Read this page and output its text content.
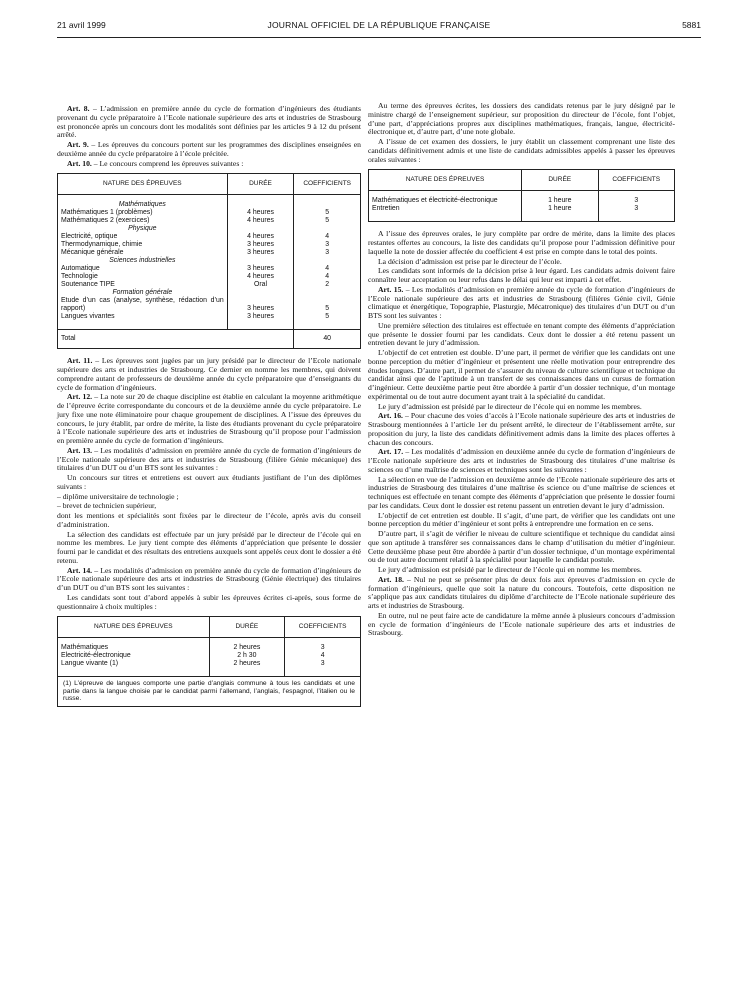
21 avril 1999	JOURNAL OFFICIEL DE LA RÉPUBLIQUE FRANÇAISE	5881

Art. 8. – L’admission en première année du cycle de formation d’ingénieurs des étudiants provenant du cycle préparatoire à l’Ecole nationale supérieure des arts et industries de Strasbourg est prononcée après un concours dont les modalités sont définies par les articles 9 à 12 du présent arrêté.

Art. 9. – Les épreuves du concours portent sur les programmes des disciplines enseignées en deuxième année du cycle préparatoire à l’école précitée.

Art. 10. – Le concours comprend les épreuves suivantes :

NATURE DES ÉPREUVES	DURÉE	COEFFICIENTS
Mathématiques		
Mathématiques 1 (problèmes)	4 heures	5
Mathématiques 2 (exercices)	4 heures	5
Physique		
Electricité, optique	4 heures	4
Thermodynamique, chimie	3 heures	3
Mécanique générale	3 heures	3
Sciences industrielles		
Automatique	3 heures	4
Technologie	4 heures	4
Soutenance TIPE	Oral	2
Formation générale		
Etude d’un cas (analyse, synthèse, rédaction d’un rapport)	3 heures	5
Langues vivantes	3 heures	5
Total		40

Art. 11. – Les épreuves sont jugées par un jury présidé par le directeur de l’Ecole nationale supérieure des arts et industries de Strasbourg. Ce dernier en nomme les membres, qui doivent comprendre autant de professeurs de deuxième année du cycle préparatoire que d’enseignants du cycle de formation d’ingénieurs.

Art. 12. – La note sur 20 de chaque discipline est établie en calculant la moyenne arithmétique de l’épreuve écrite correspondante du concours et de la deuxième année du cycle préparatoire. Le jury fixe une note éliminatoire pour chaque groupement de disciplines. A l’issue des épreuves du concours, le jury établit, par ordre de mérite, la liste des étudiants provenant du cycle préparatoire à l’Ecole nationale supérieure des arts et industries de Strasbourg qu’il propose pour l’admission en première année du cycle de formation d’ingénieurs.

Art. 13. – Les modalités d’admission en première année du cycle de formation d’ingénieurs de l’Ecole nationale supérieure des arts et industries de Strasbourg (filière Génie mécanique) des titulaires d’un DUT ou d’un BTS sont les suivantes :

Un concours sur titres et entretiens est ouvert aux étudiants justifiant de l’un des diplômes suivants :

– diplôme universitaire de technologie ;

– brevet de technicien supérieur,

dont les mentions et spécialités sont fixées par le directeur de l’école, après avis du conseil d’administration.

La sélection des candidats est effectuée par un jury présidé par le directeur de l’école qui en nomme les membres. Le jury tient compte des éléments d’appréciation que présente le dossier fourni par le candidat et des résultats des entretiens auxquels sont appelés ceux dont le dossier a été retenu.

Art. 14. – Les modalités d’admission en première année du cycle de formation d’ingénieurs de l’Ecole nationale supérieure des arts et industries de Strasbourg (Génie électrique) des titulaires d’un DUT ou d’un BTS sont les suivantes :

Les candidats sont tout d’abord appelés à subir les épreuves écrites ci-après, sous forme de questionnaire à choix multiples :

NATURE DES ÉPREUVES	DURÉE	COEFFICIENTS
Mathématiques	2 heures	3
Electricité-électronique	2 h 30	4
Langue vivante (1)	2 heures	3
(1) L’épreuve de langues comporte une partie d’anglais commune à tous les candidats et une partie dans la langue choisie par le candidat parmi l’allemand, l’anglais, l’espagnol, l’italien ou le russe.

Au terme des épreuves écrites, les dossiers des candidats retenus par le jury désigné par le ministre chargé de l’enseignement supérieur, sur proposition du directeur de l’école, font l’objet, d’une part, d’appréciations propres aux disciplines mathématiques, français, langue, électricité-électronique et, d’autre part, d’une note globale.

A l’issue de cet examen des dossiers, le jury établit un classement comprenant une liste des candidats définitivement admis et une liste de candidats admissibles appelés à passer les épreuves orales suivantes :

NATURE DES ÉPREUVES	DURÉE	COEFFICIENTS
Mathématiques et électricité-électronique	1 heure	3
Entretien	1 heure	3

A l’issue des épreuves orales, le jury complète par ordre de mérite, dans la limite des places restantes offertes au concours, la liste des candidats qu’il propose pour l’admission définitive pour laquelle la note de dossier affectée du coefficient 4 est prise en compte dans le total des points.

La décision d’admission est prise par le directeur de l’école.

Les candidats sont informés de la décision prise à leur égard. Les candidats admis doivent faire connaître leur acceptation ou leur refus dans le délai qui leur est imparti à cet effet.

Art. 15. – Les modalités d’admission en première année du cycle de formation d’ingénieurs de l’Ecole nationale supérieure des arts et industries de Strasbourg (filières Génie civil, Génie climatique et énergétique, Topographie, Plasturgie, Mécatronique) des titulaires d’un DUT ou d’un BTS sont les suivantes :

Une première sélection des titulaires est effectuée en tenant compte des éléments d’appréciation que présente le dossier fourni par les candidats. Ceux dont le dossier a été retenu passent un entretien devant le jury d’admission.

L’objectif de cet entretien est double. D’une part, il permet de vérifier que les candidats ont une bonne perception du métier d’ingénieur et présentent une réelle motivation pour entreprendre des études longues. D’autre part, il permet de s’assurer du niveau de culture scientifique et technique du candidat ainsi que de l’aptitude à un transfert de ses connaissances dans un cursus de formation d’ingénieur. Cette deuxième partie peut être abordée à partir d’un dossier technique, d’un montage expérimental ou de tout autre document ayant trait à la spécialité du candidat.

Le jury d’admission est présidé par le directeur de l’école qui en nomme les membres.

Art. 16. – Pour chacune des voies d’accès à l’Ecole nationale supérieure des arts et industries de Strasbourg mentionnées à l’article 1er du présent arrêté, le directeur de l’établissement arrête, sur proposition du jury, la liste des candidats définitivement admis dans la limite des places offertes à chacun des concours.

Art. 17. – Les modalités d’admission en deuxième année du cycle de formation d’ingénieurs de l’Ecole nationale supérieure des arts et industries de Strasbourg des titulaires d’une maîtrise ès sciences ou d’une maîtrise de sciences et techniques sont les suivantes :

La sélection en vue de l’admission en deuxième année de l’Ecole nationale supérieure des arts et industries de Strasbourg des titulaires d’une maîtrise ès science ou d’une maîtrise de sciences et techniques est effectuée en tenant compte des éléments d’appréciation que présente le dossier fourni par les candidats. Ceux dont le dossier est retenu passent un entretien devant le jury d’admission.

L’objectif de cet entretien est double. Il s’agit, d’une part, de vérifier que les candidats ont une bonne perception du métier d’ingénieur et sont prêts à entreprendre une formation en ce sens.

D’autre part, il s’agit de vérifier le niveau de culture scientifique et technique du candidat ainsi que son aptitude à transférer ses connaissances dans le champ d’utilisation du métier d’ingénieur. Cette deuxième phase peut être abordée à partir d’un dossier technique, d’un montage expérimental ou de tout autre document relatif à la spécialité pour laquelle le candidat postule.

Le jury d’admission est présidé par le directeur de l’école qui en nomme les membres.

Art. 18. – Nul ne peut se présenter plus de deux fois aux épreuves d’admission en cycle de formation d’ingénieurs, quelle que soit la nature du concours. Toutefois, cette disposition ne s’applique pas aux candidats titulaires du diplôme d’architecte de l’Ecole nationale supérieure des arts et industries de Strasbourg.

En outre, nul ne peut faire acte de candidature la même année à plusieurs concours d’admission en cycle de formation d’ingénieurs de l’Ecole nationale supérieure des arts et industries de Strasbourg.
